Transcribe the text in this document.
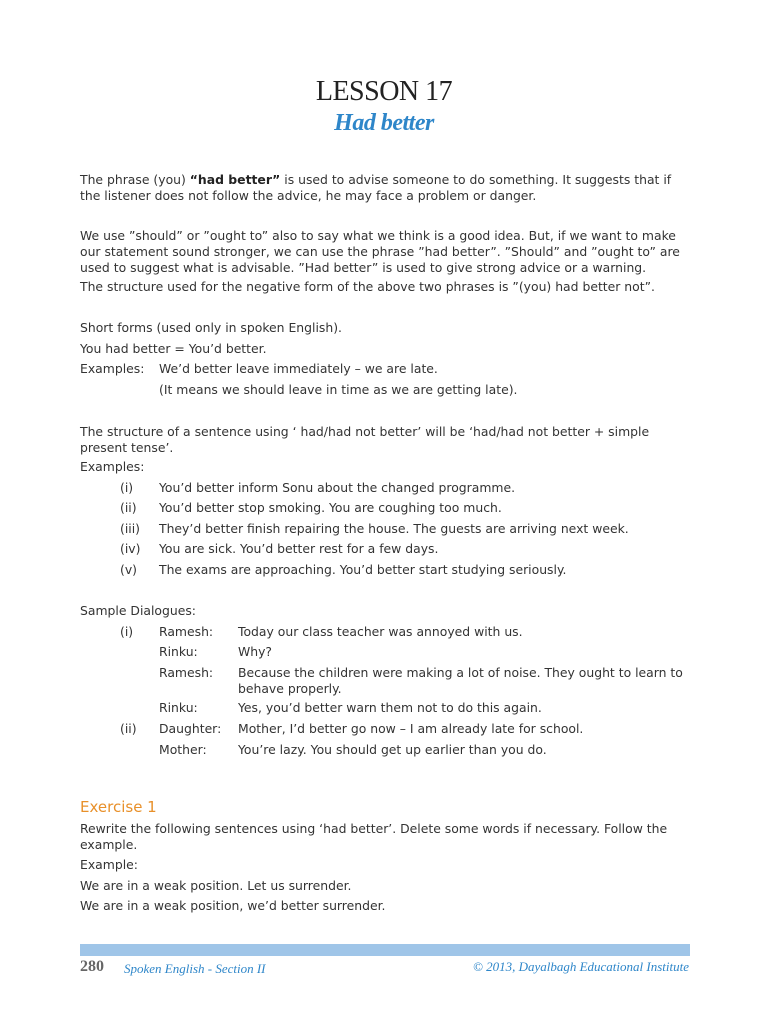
LESSON 17
Had better

The phrase (you) “had better” is used to advise someone to do something. It suggests that if the listener does not follow the advice, he may face a problem or danger.

We use ”should” or ”ought to” also to say what we think is a good idea. But, if we want to make our statement sound stronger, we can use the phrase ”had better”. ”Should” and ”ought to” are used to suggest what is advisable. ”Had better” is used to give strong advice or a warning.

The structure used for the negative form of the above two phrases is ”(you) had better not”.

Short forms (used only in spoken English).

You had better = You’d better.

Examples: We’d better leave immediately – we are late.
(It means we should leave in time as we are getting late).

The structure of a sentence using ‘ had/had not better’ will be ‘had/had not better + simple present tense’.

Examples:

(i) You’d better inform Sonu about the changed programme.
(ii) You’d better stop smoking. You are coughing too much.
(iii) They’d better finish repairing the house. The guests are arriving next week.
(iv) You are sick. You’d better rest for a few days.
(v) The exams are approaching. You’d better start studying seriously.

Sample Dialogues:

(i) Ramesh: Today our class teacher was annoyed with us.
Rinku:	Why?
Ramesh: Because the children were making a lot of noise. They ought to learn to behave properly.
Rinku:	Yes, you’d better warn them not to do this again.
(ii) Daughter: Mother, I’d better go now – I am already late for school.
Mother:	You’re lazy. You should get up earlier than you do.
Exercise 1

Rewrite the following sentences using ‘had better’. Delete some words if necessary. Follow the example.

Example:

We are in a weak position. Let us surrender.

We are in a weak position, we’d better surrender.

280 Spoken English - Section II	© 2013, Dayalbagh Educational Institute
